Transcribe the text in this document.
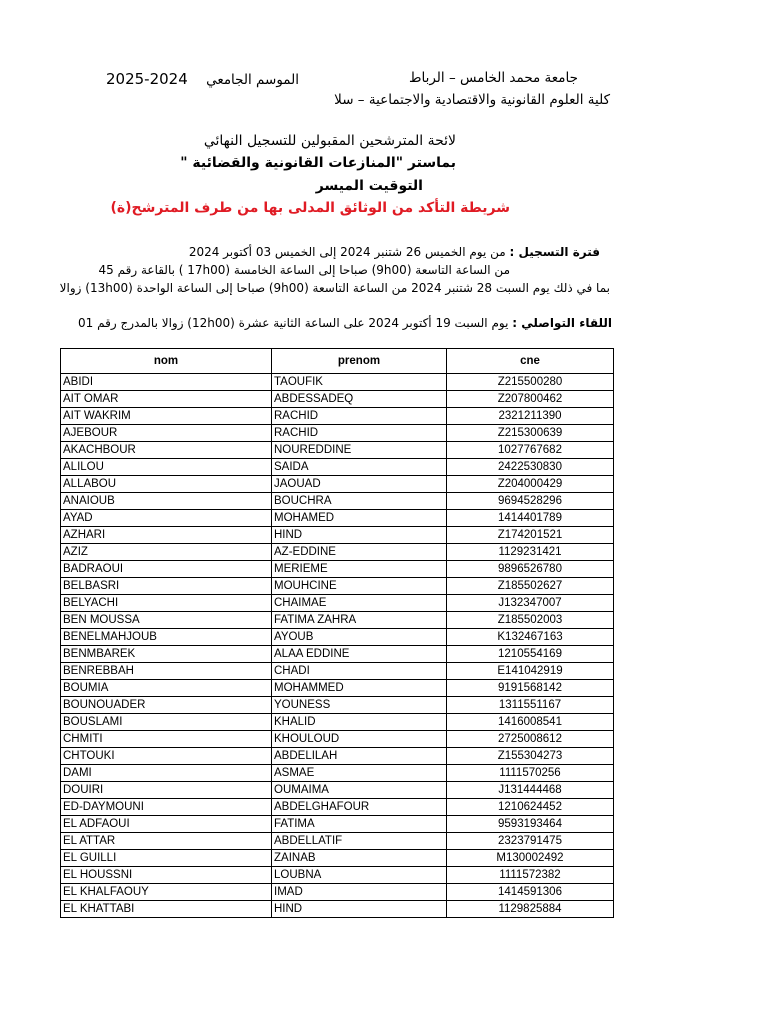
جامعة محمد الخامس – الرباط
كلية العلوم القانونية والاقتصادية والاجتماعية – سلا
2025-2024 الموسم الجامعي
لائحة المترشحين المقبولين للتسجيل النهائي
بماستر "المنازعات القانونية والقضائية "
التوقيت الميسر
شريطة التأكد من الوثائق المدلى بها من طرف المترشح(ة)
فترة التسجيل : من يوم الخميس 26 شتنبر 2024 إلى الخميس 03 أكتوبر 2024
من الساعة التاسعة (9h00) صباحا إلى الساعة الخامسة (17h00 ) بالقاعة رقم 45
بما في ذلك يوم السبت 28 شتنبر 2024 من الساعة التاسعة (9h00) صباحا إلى الساعة الواحدة (13h00) زوالا
اللقاء التواصلي : يوم السبت 19 أكتوبر 2024 على الساعة الثانية عشرة (12h00) زوالا بالمدرج رقم 01
nom	prenom	cne
ABIDI	TAOUFIK	Z215500280
AIT OMAR	ABDESSADEQ	Z207800462
AIT WAKRIM	RACHID	2321211390
AJEBOUR	RACHID	Z215300639
AKACHBOUR	NOUREDDINE	1027767682
ALILOU	SAIDA	2422530830
ALLABOU	JAOUAD	Z204000429
ANAIOUB	BOUCHRA	9694528296
AYAD	MOHAMED	1414401789
AZHARI	HIND	Z174201521
AZIZ	AZ-EDDINE	1129231421
BADRAOUI	MERIEME	9896526780
BELBASRI	MOUHCINE	Z185502627
BELYACHI	CHAIMAE	J132347007
BEN MOUSSA	FATIMA ZAHRA	Z185502003
BENELMAHJOUB	AYOUB	K132467163
BENMBAREK	ALAA EDDINE	1210554169
BENREBBAH	CHADI	E141042919
BOUMIA	MOHAMMED	9191568142
BOUNOUADER	YOUNESS	1311551167
BOUSLAMI	KHALID	1416008541
CHMITI	KHOULOUD	2725008612
CHTOUKI	ABDELILAH	Z155304273
DAMI	ASMAE	1111570256
DOUIRI	OUMAIMA	J131444468
ED-DAYMOUNI	ABDELGHAFOUR	1210624452
EL ADFAOUI	FATIMA	9593193464
EL ATTAR	ABDELLATIF	2323791475
EL GUILLI	ZAINAB	M130002492
EL HOUSSNI	LOUBNA	1111572382
EL KHALFAOUY	IMAD	1414591306
EL KHATTABI	HIND	1129825884
